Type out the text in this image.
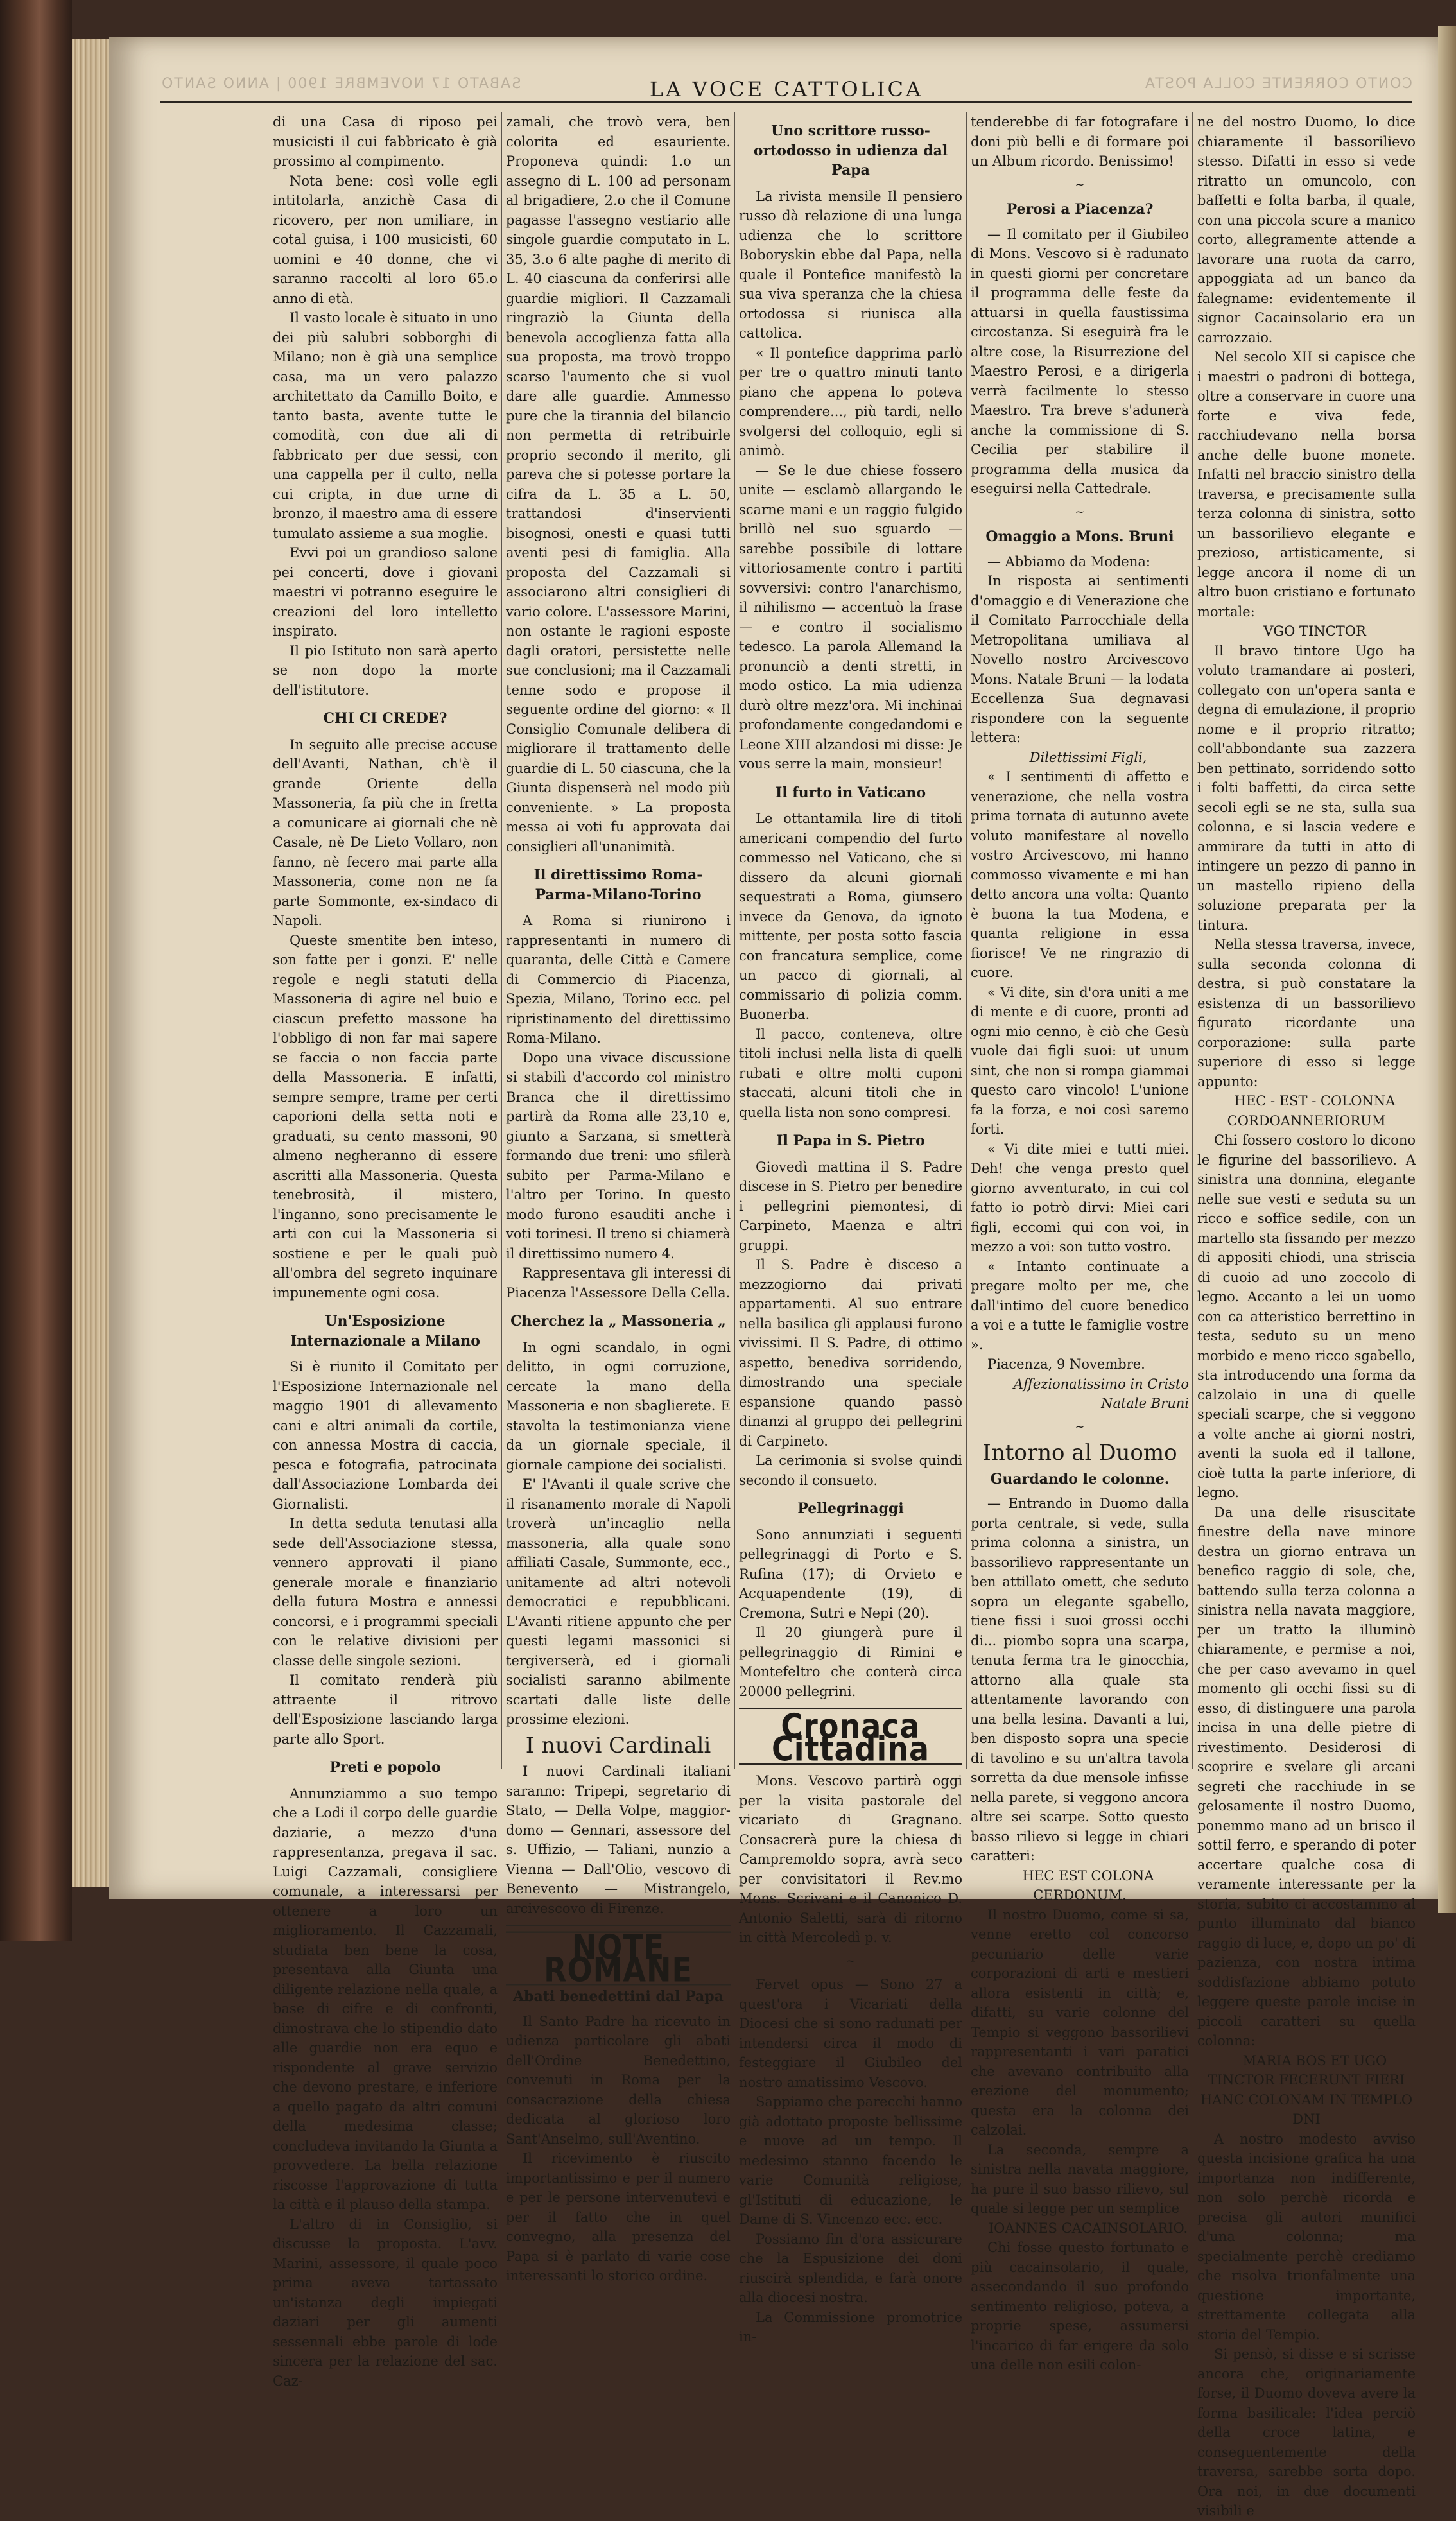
SABATO 17 NOVEMBRE 1900 | ANNO SANTO	LA VOCE CATTOLICA	CONTO CORRENTE COLLA POSTA

di una Casa di riposo pei musicisti il cui fabbricato è già prossimo al compimento.

Nota bene: così volle egli intitolarla, anzichè Casa di ricovero, per non umiliare, in cotal guisa, i 100 musicisti, 60 uomini e 40 donne, che vi saranno raccolti al loro 65.o anno di età.

Il vasto locale è situato in uno dei più salubri sobborghi di Milano; non è già una semplice casa, ma un vero palazzo architettato da Camillo Boito, e tanto basta, avente tutte le comodità, con due ali di fabbricato per due sessi, con una cappella per il culto, nella cui cripta, in due urne di bronzo, il maestro ama di essere tumulato assieme a sua moglie.

Evvi poi un grandioso salone pei concerti, dove i giovani maestri vi potranno eseguire le creazioni del loro intelletto inspirato.

Il pio Istituto non sarà aperto se non dopo la morte dell'istitutore.

CHI CI CREDE?

In seguito alle precise accuse dell'Avanti, Nathan, ch'è il grande Oriente della Massoneria, fa più che in fretta a comunicare ai giornali che nè Casale, nè De Lieto Vollaro, non fanno, nè fecero mai parte alla Massoneria, come non ne fa parte Sommonte, ex-sindaco di Napoli.

Queste smentite ben inteso, son fatte per i gonzi. E' nelle regole e negli statuti della Massoneria di agire nel buio e ciascun prefetto massone ha l'obbligo di non far mai sapere se faccia o non faccia parte della Massoneria. E infatti, sempre sempre, trame per certi caporioni della setta noti e graduati, su cento massoni, 90 almeno negheranno di essere ascritti alla Massoneria. Questa tenebrosità, il mistero, l'inganno, sono precisamente le arti con cui la Massoneria si sostiene e per le quali può all'ombra del segreto inquinare impunemente ogni cosa.

Un'Esposizione Internazionale a Milano

Si è riunito il Comitato per l'Esposizione Internazionale nel maggio 1901 di allevamento cani e altri animali da cortile, con annessa Mostra di caccia, pesca e fotografia, patrocinata dall'Associazione Lombarda dei Giornalisti.

In detta seduta tenutasi alla sede dell'Associazione stessa, vennero approvati il piano generale morale e finanziario della futura Mostra e annessi concorsi, e i programmi speciali con le relative divisioni per classe delle singole sezioni.

Il comitato renderà più attraente il ritrovo dell'Esposizione lasciando larga parte allo Sport.

Preti e popolo

Annunziammo a suo tempo che a Lodi il corpo delle guardie daziarie, a mezzo d'una rappresentanza, pregava il sac. Luigi Cazzamali, consigliere comunale, a interessarsi per ottenere a loro un miglioramento. Il Cazzamali, studiata ben bene la cosa, presentava alla Giunta una diligente relazione nella quale, a base di cifre e di confronti, dimostrava che lo stipendio dato alle guardie non era equo e rispondente al grave servizio che devono prestare, e inferiore a quello pagato da altri comuni della medesima classe; concludeva invitando la Giunta a provvedere. La bella relazione riscosse l'approvazione di tutta la città e il plauso della stampa.

L'altro di in Consiglio, si discusse la proposta. L'avv. Marini, assessore, il quale poco prima aveva tartassato un'istanza degli impiegati daziari per gli aumenti sessennali ebbe parole di lode sincera per la relazione del sac. Caz-

zamali, che trovò vera, ben colorita ed esauriente. Proponeva quindi: 1.o un assegno di L. 100 ad personam al brigadiere, 2.o che il Comune pagasse l'assegno vestiario alle singole guardie computato in L. 35, 3.o 6 alte paghe di merito di L. 40 ciascuna da conferirsi alle guardie migliori. Il Cazzamali ringraziò la Giunta della benevola accoglienza fatta alla sua proposta, ma trovò troppo scarso l'aumento che si vuol dare alle guardie. Ammesso pure che la tirannia del bilancio non permetta di retribuirle proprio secondo il merito, gli pareva che si potesse portare la cifra da L. 35 a L. 50, trattandosi d'inservienti bisognosi, onesti e quasi tutti aventi pesi di famiglia. Alla proposta del Cazzamali si associarono altri consiglieri di vario colore. L'assessore Marini, non ostante le ragioni esposte dagli oratori, persistette nelle sue conclusioni; ma il Cazzamali tenne sodo e propose il seguente ordine del giorno: « Il Consiglio Comunale delibera di migliorare il trattamento delle guardie di L. 50 ciascuna, che la Giunta dispenserà nel modo più conveniente. » La proposta messa ai voti fu approvata dai consiglieri all'unanimità.

Il direttissimo Roma-Parma-Milano-Torino

A Roma si riunirono i rappresentanti in numero di quaranta, delle Città e Camere di Commercio di Piacenza, Spezia, Milano, Torino ecc. pel ripristinamento del direttissimo Roma-Milano.

Dopo una vivace discussione si stabilì d'accordo col ministro Branca che il direttissimo partirà da Roma alle 23,10 e, giunto a Sarzana, si smetterà formando due treni: uno sfilerà subito per Parma-Milano e l'altro per Torino. In questo modo furono esauditi anche i voti torinesi. Il treno si chiamerà il direttissimo numero 4.

Rappresentava gli interessi di Piacenza l'Assessore Della Cella.

Cherchez la „ Massoneria „

In ogni scandalo, in ogni delitto, in ogni corruzione, cercate la mano della Massoneria e non sbaglierete. E stavolta la testimonianza viene da un giornale speciale, il giornale campione dei socialisti.

E' l'Avanti il quale scrive che il risanamento morale di Napoli troverà un'incaglio nella massoneria, alla quale sono affiliati Casale, Summonte, ecc., unitamente ad altri notevoli democratici e repubblicani. L'Avanti ritiene appunto che per questi legami massonici si tergiverserà, ed i giornali socialisti saranno abilmente scartati dalle liste delle prossime elezioni.

I nuovi Cardinali

I nuovi Cardinali italiani saranno: Tripepi, segretario di Stato, — Della Volpe, maggior-domo — Gennari, assessore del s. Uffizio, — Taliani, nunzio a Vienna — Dall'Olio, vescovo di Benevento — Mistrangelo, arcivescovo di Firenze.

NOTE ROMANE
Abati benedettini dal Papa

Il Santo Padre ha ricevuto in udienza particolare gli abati dell'Ordine Benedettino, convenuti in Roma per la consacrazione della chiesa dedicata al glorioso loro Sant'Anselmo, sull'Aventino.

Il ricevimento è riuscito importantissimo e per il numero e per le persone intervenutevi e per il fatto che in quel convegno, alla presenza del Papa si è parlato di varie cose interessanti lo storico ordine.

Uno scrittore russo-ortodosso in udienza dal Papa

La rivista mensile Il pensiero russo dà relazione di una lunga udienza che lo scrittore Boboryskin ebbe dal Papa, nella quale il Pontefice manifestò la sua viva speranza che la chiesa ortodossa si riunisca alla cattolica.

« Il pontefice dapprima parlò per tre o quattro minuti tanto piano che appena lo poteva comprendere..., più tardi, nello svolgersi del colloquio, egli si animò.

— Se le due chiese fossero unite — esclamò allargando le scarne mani e un raggio fulgido brillò nel suo sguardo — sarebbe possibile di lottare vittoriosamente contro i partiti sovversivi: contro l'anarchismo, il nihilismo — accentuò la frase — e contro il socialismo tedesco. La parola Allemand la pronunciò a denti stretti, in modo ostico. La mia udienza durò oltre mezz'ora. Mi inchinai profondamente congedandomi e Leone XIII alzandosi mi disse: Je vous serre la main, monsieur!

Il furto in Vaticano

Le ottantamila lire di titoli americani compendio del furto commesso nel Vaticano, che si dissero da alcuni giornali sequestrati a Roma, giunsero invece da Genova, da ignoto mittente, per posta sotto fascia con francatura semplice, come un pacco di giornali, al commissario di polizia comm. Buonerba.

Il pacco, conteneva, oltre titoli inclusi nella lista di quelli rubati e oltre molti cuponi staccati, alcuni titoli che in quella lista non sono compresi.

Il Papa in S. Pietro

Giovedì mattina il S. Padre discese in S. Pietro per benedire i pellegrini piemontesi, di Carpineto, Maenza e altri gruppi.

Il S. Padre è disceso a mezzogiorno dai privati appartamenti. Al suo entrare nella basilica gli applausi furono vivissimi. Il S. Padre, di ottimo aspetto, benediva sorridendo, dimostrando una speciale espansione quando passò dinanzi al gruppo dei pellegrini di Carpineto.

La cerimonia si svolse quindi secondo il consueto.

Pellegrinaggi

Sono annunziati i seguenti pellegrinaggi di Porto e S. Rufina (17); di Orvieto e Acquapendente (19), di Cremona, Sutri e Nepi (20).

Il 20 giungerà pure il pellegrinaggio di Rimini e Montefeltro che conterà circa 20000 pellegrini.

Cronaca Cittadina

Mons. Vescovo partirà oggi per la visita pastorale del vicariato di Gragnano. Consacrerà pure la chiesa di Campremoldo sopra, avrà seco per convisitatori il Rev.mo Mons. Scrivani e il Canonico D. Antonio Saletti, sarà di ritorno in città Mercoledì p. v.

~

Fervet opus — Sono 27 a quest'ora i Vicariati della Diocesi che si sono radunati per intendersi circa il modo di festeggiare il Giubileo del nostro amatissimo Vescovo.

Sappiamo che parecchi hanno già adottato proposte bellissime e nuove ad un tempo. Il medesimo stanno facendo le varie Comunità religiose, gl'Istituti di educazione, le Dame di S. Vincenzo ecc. ecc.

Possiamo fin d'ora assicurare che la Espusizione dei doni riuscirà splendida, e farà onore alla diocesi nostra.

La Commissione promotrice in-

tenderebbe di far fotografare i doni più belli e di formare poi un Album ricordo. Benissimo!

~
Perosi a Piacenza?

— Il comitato per il Giubileo di Mons. Vescovo si è radunato in questi giorni per concretare il programma delle feste da attuarsi in quella faustissima circostanza. Si eseguirà fra le altre cose, la Risurrezione del Maestro Perosi, e a dirigerla verrà facilmente lo stesso Maestro. Tra breve s'adunerà anche la commissione di S. Cecilia per stabilire il programma della musica da eseguirsi nella Cattedrale.

~
Omaggio a Mons. Bruni

— Abbiamo da Modena:

In risposta ai sentimenti d'omaggio e di Venerazione che il Comitato Parrocchiale della Metropolitana umiliava al Novello nostro Arcivescovo Mons. Natale Bruni — la lodata Eccellenza Sua degnavasi rispondere con la seguente lettera:

Dilettissimi Figli,

« I sentimenti di affetto e venerazione, che nella vostra prima tornata di autunno avete voluto manifestare al novello vostro Arcivescovo, mi hanno commosso vivamente e mi han detto ancora una volta: Quanto è buona la tua Modena, e quanta religione in essa fiorisce! Ve ne ringrazio di cuore.

« Vi dite, sin d'ora uniti a me di mente e di cuore, pronti ad ogni mio cenno, è ciò che Gesù vuole dai figli suoi: ut unum sint, che non si rompa giammai questo caro vincolo! L'unione fa la forza, e noi così saremo forti.

« Vi dite miei e tutti miei. Deh! che venga presto quel giorno avventurato, in cui col fatto io potrò dirvi: Miei cari figli, eccomi qui con voi, in mezzo a voi: son tutto vostro.

« Intanto continuate a pregare molto per me, che dall'intimo del cuore benedico a voi e a tutte le famiglie vostre ».

Piacenza, 9 Novembre.

Affezionatissimo in Cristo

Natale Bruni

~
Intorno al Duomo
Guardando le colonne.

— Entrando in Duomo dalla porta centrale, si vede, sulla prima colonna a sinistra, un bassorilievo rappresentante un ben attillato omett, che seduto sopra un elegante sgabello, tiene fissi i suoi grossi occhi di... piombo sopra una scarpa, tenuta ferma tra le ginocchia, attorno alla quale sta attentamente lavorando con una bella lesina. Davanti a lui, ben disposto sopra una specie di tavolino e su un'altra tavola sorretta da due mensole infisse nella parete, si veggono ancora altre sei scarpe. Sotto questo basso rilievo si legge in chiari caratteri:

HEC EST COLONA CERDONUM.

Il nostro Duomo, come si sa, venne eretto col concorso pecuniario delle varie corporazioni di arti e mestieri allora esistenti in città; e, difatti, su varie colonne del Tempio si veggono bassorilievi rappresentanti i vari paratici che avevano contribuito alla erezione del monumento; questa era la colonna dei calzolai.

La seconda, sempre a sinistra nella navata maggiore, ha pure il suo basso rilievo, sul quale si legge per un semplice

IOANNES CACAINSOLARIO.

Chi fosse questo fortunato e più cacainsolario, il quale, assecondando il suo profondo sentimento religioso, poteva, a proprie spese, assumersi l'incarico di far erigere da solo una delle non esili colon-

ne del nostro Duomo, lo dice chiaramente il bassorilievo stesso. Difatti in esso si vede ritratto un omuncolo, con baffetti e folta barba, il quale, con una piccola scure a manico corto, allegramente attende a lavorare una ruota da carro, appoggiata ad un banco da falegname: evidentemente il signor Cacainsolario era un carrozzaio.

Nel secolo XII si capisce che i maestri o padroni di bottega, oltre a conservare in cuore una forte e viva fede, racchiudevano nella borsa anche delle buone monete. Infatti nel braccio sinistro della traversa, e precisamente sulla terza colonna di sinistra, sotto un bassorilievo elegante e prezioso, artisticamente, si legge ancora il nome di un altro buon cristiano e fortunato mortale:

VGO TINCTOR

Il bravo tintore Ugo ha voluto tramandare ai posteri, collegato con un'opera santa e degna di emulazione, il proprio nome e il proprio ritratto; coll'abbondante sua zazzera ben pettinato, sorridendo sotto i folti baffetti, da circa sette secoli egli se ne sta, sulla sua colonna, e si lascia vedere e ammirare da tutti in atto di intingere un pezzo di panno in un mastello ripieno della soluzione preparata per la tintura.

Nella stessa traversa, invece, sulla seconda colonna di destra, si può constatare la esistenza di un bassorilievo figurato ricordante una corporazione: sulla parte superiore di esso si legge appunto:

HEC - EST - COLONNA CORDOANNERIORUM

Chi fossero costoro lo dicono le figurine del bassorilievo. A sinistra una donnina, elegante nelle sue vesti e seduta su un ricco e soffice sedile, con un martello sta fissando per mezzo di appositi chiodi, una striscia di cuoio ad uno zoccolo di legno. Accanto a lei un uomo con ca atteristico berrettino in testa, seduto su un meno morbido e meno ricco sgabello, sta introducendo una forma da calzolaio in una di quelle speciali scarpe, che si veggono a volte anche ai giorni nostri, aventi la suola ed il tallone, cioè tutta la parte inferiore, di legno.

Da una delle risuscitate finestre della nave minore destra un giorno entrava un benefico raggio di sole, che, battendo sulla terza colonna a sinistra nella navata maggiore, per un tratto la illuminò chiaramente, e permise a noi, che per caso avevamo in quel momento gli occhi fissi su di esso, di distinguere una parola incisa in una delle pietre di rivestimento. Desiderosi di scoprire e svelare gli arcani segreti che racchiude in se gelosamente il nostro Duomo, ponemmo mano ad un brisco il sottil ferro, e sperando di poter accertare qualche cosa di veramente interessante per la storia, subito ci accostammo al punto illuminato dal bianco raggio di luce, e, dopo un po' di pazienza, con nostra intima soddisfazione abbiamo potuto leggere queste parole incise in piccoli caratteri su quella colonna:

MARIA BOS ET UGO TINCTOR FECERUNT FIERI HANC COLONAM IN TEMPLO DNI

A nostro modesto avviso questa incisione grafica ha una importanza non indifferente, non solo perchè ricorda e precisa gli autori munifici d'una colonna; ma specialmente perchè crediamo che risolva trionfalmente una questione importante, strettamente collegata alla storia del Tempio.

Si pensò, si disse e si scrisse ancora che, originariamente forse, il Duomo doveva avere la forma basilicale: l'idea perciò della croce latina, e conseguentemente della traversa, sarebbe sorta dopo. Ora noi, in due documenti visibili e
